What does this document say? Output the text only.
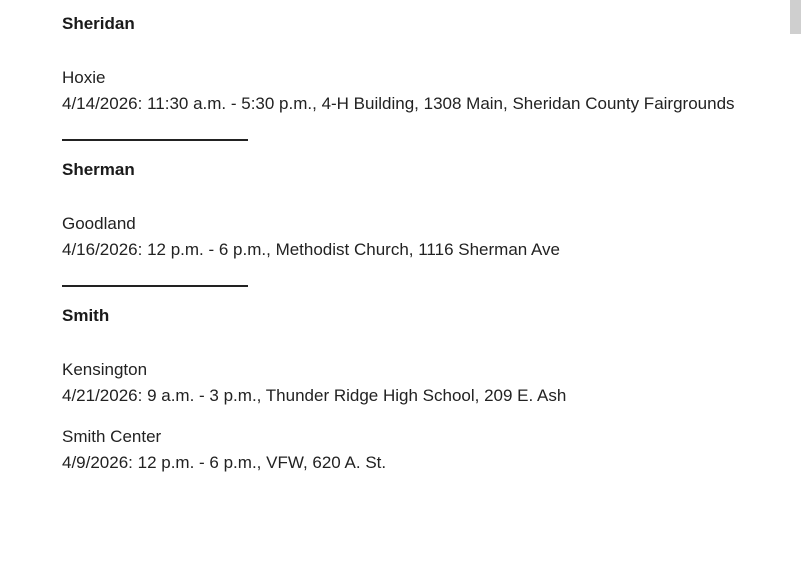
Sheridan
Hoxie
4/14/2026: 11:30 a.m. - 5:30 p.m., 4-H Building, 1308 Main, Sheridan County Fairgrounds
Sherman
Goodland
4/16/2026: 12 p.m. - 6 p.m., Methodist Church, 1116 Sherman Ave
Smith
Kensington
4/21/2026: 9 a.m. - 3 p.m., Thunder Ridge High School, 209 E. Ash
Smith Center
4/9/2026: 12 p.m. - 6 p.m., VFW, 620 A. St.
